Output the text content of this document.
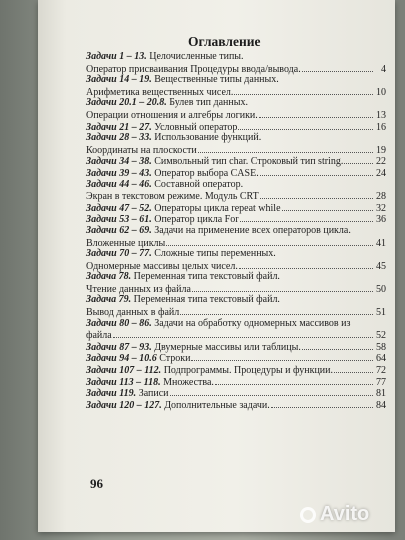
Оглавление
Задачи 1 – 13. Целочисленные типы.
Оператор присваивания Процедуры ввода/вывода.	4
Задачи 14 – 19. Вещественные типы данных.
Арифметика вещественных чисел.	10
Задачи 20.1 – 20.8. Булев тип данных.
Операции отношения и алгебры логики.	13
Задачи 21 – 27. Условный оператор	16
Задачи 28 – 33. Использование функций.
Координаты на плоскости	19
Задачи 34 – 38. Символьный тип char. Строковый тип string.	22
Задачи 39 – 43. Оператор выбора CASE.	24
Задачи 44 – 46. Составной оператор.
Экран в текстовом режиме. Модуль CRT	28
Задачи 47 – 52. Операторы цикла repeat while	32
Задачи 53 – 61. Оператор цикла For	36
Задачи 62 – 69. Задачи на применение всех операторов цикла.
Вложенные циклы	41
Задачи 70 – 77. Сложные типы переменных.
Одномерные массивы целых чисел.	45
Задача 78. Переменная типа текстовый файл.
Чтение данных из файла	50
Задача 79. Переменная типа текстовый файл.
Вывод данных в файл	51
Задачи 80 – 86. Задачи на обработку одномерных массивов из
файла	52
Задачи 87 – 93. Двумерные массивы или таблицы.	58
Задачи 94 – 10.6 Строки	64
Задачи 107 – 112. Подпрограммы. Процедуры и функции.	72
Задачи 113 – 118. Множества.	77
Задачи 119. Записи	81
Задачи 120 – 127. Дополнительные задачи.	84
96
Avito
